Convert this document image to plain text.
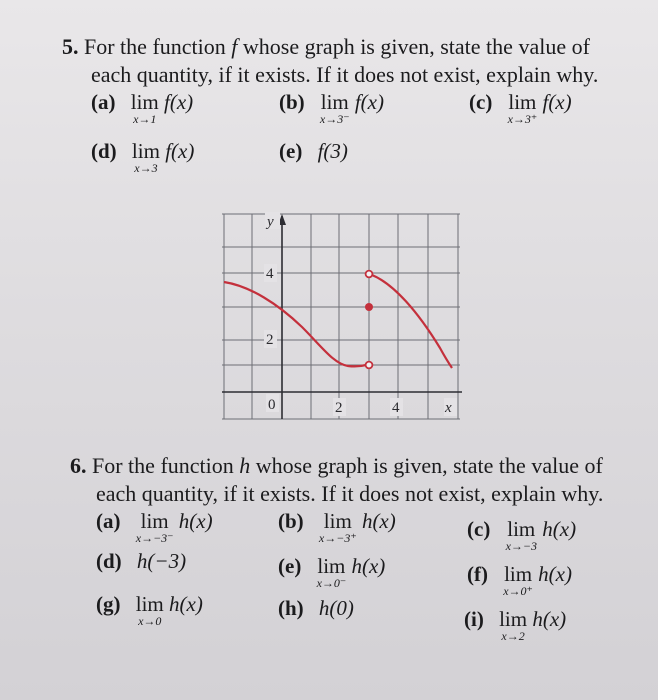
5. For the function f whose graph is given, state the value of
each quantity, if it exists. If it does not exist, explain why.
(a) lim
x→1
f(x)	(b) lim
x→3⁻
f(x)	(c) lim
x→3⁺
f(x)
(d) lim
x→3
f(x)	(e) f(3)
y
4
2
0	2	4	x
6. For the function h whose graph is given, state the value of
each quantity, if it exists. If it does not exist, explain why.
(a) lim
x→−3⁻
h(x)	(b) lim
x→−3⁺
h(x)	(c) lim
x→−3
h(x)
(d) h(−3)	(e) lim
x→0⁻
h(x)	(f) lim
x→0⁺
h(x)
(g) lim
x→0
h(x)	(h) h(0)	(i) lim
x→2
h(x)
